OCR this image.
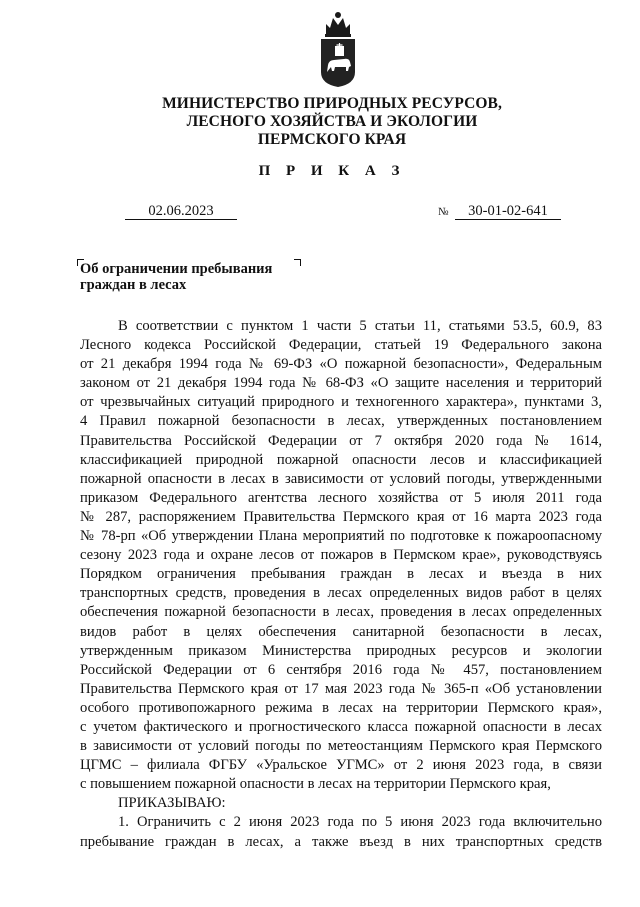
МИНИСТЕРСТВО ПРИРОДНЫХ РЕСУРСОВ,
ЛЕСНОГО ХОЗЯЙСТВА И ЭКОЛОГИИ
ПЕРМСКОГО КРАЯ
П Р И К А З
02.06.2023	№	30-01-02-641
Об ограничении пребывания
граждан в лесах
В соответствии с пунктом 1 части 5 статьи 11, статьями 53.5, 60.9, 83
Лесного кодекса Российской Федерации, статьей 19 Федерального закона
от 21 декабря 1994 года № 69-ФЗ «О пожарной безопасности», Федеральным
законом от 21 декабря 1994 года № 68-ФЗ «О защите населения и территорий
от чрезвычайных ситуаций природного и техногенного характера», пунктами 3,
4 Правил пожарной безопасности в лесах, утвержденных постановлением
Правительства Российской Федерации от 7 октября 2020 года № 1614,
классификацией природной пожарной опасности лесов и классификацией
пожарной опасности в лесах в зависимости от условий погоды, утвержденными
приказом Федерального агентства лесного хозяйства от 5 июля 2011 года
№ 287, распоряжением Правительства Пермского края от 16 марта 2023 года
№ 78-рп «Об утверждении Плана мероприятий по подготовке к пожароопасному
сезону 2023 года и охране лесов от пожаров в Пермском крае», руководствуясь
Порядком ограничения пребывания граждан в лесах и въезда в них
транспортных средств, проведения в лесах определенных видов работ в целях
обеспечения пожарной безопасности в лесах, проведения в лесах определенных
видов работ в целях обеспечения санитарной безопасности в лесах,
утвержденным приказом Министерства природных ресурсов и экологии
Российской Федерации от 6 сентября 2016 года № 457, постановлением
Правительства Пермского края от 17 мая 2023 года № 365-п «Об установлении
особого противопожарного режима в лесах на территории Пермского края»,
с учетом фактического и прогностического класса пожарной опасности в лесах
в зависимости от условий погоды по метеостанциям Пермского края Пермского
ЦГМС – филиала ФГБУ «Уральское УГМС» от 2 июня 2023 года, в связи
с повышением пожарной опасности в лесах на территории Пермского края,
ПРИКАЗЫВАЮ:
1. Ограничить с 2 июня 2023 года по 5 июня 2023 года включительно
пребывание граждан в лесах, а также въезд в них транспортных средств
